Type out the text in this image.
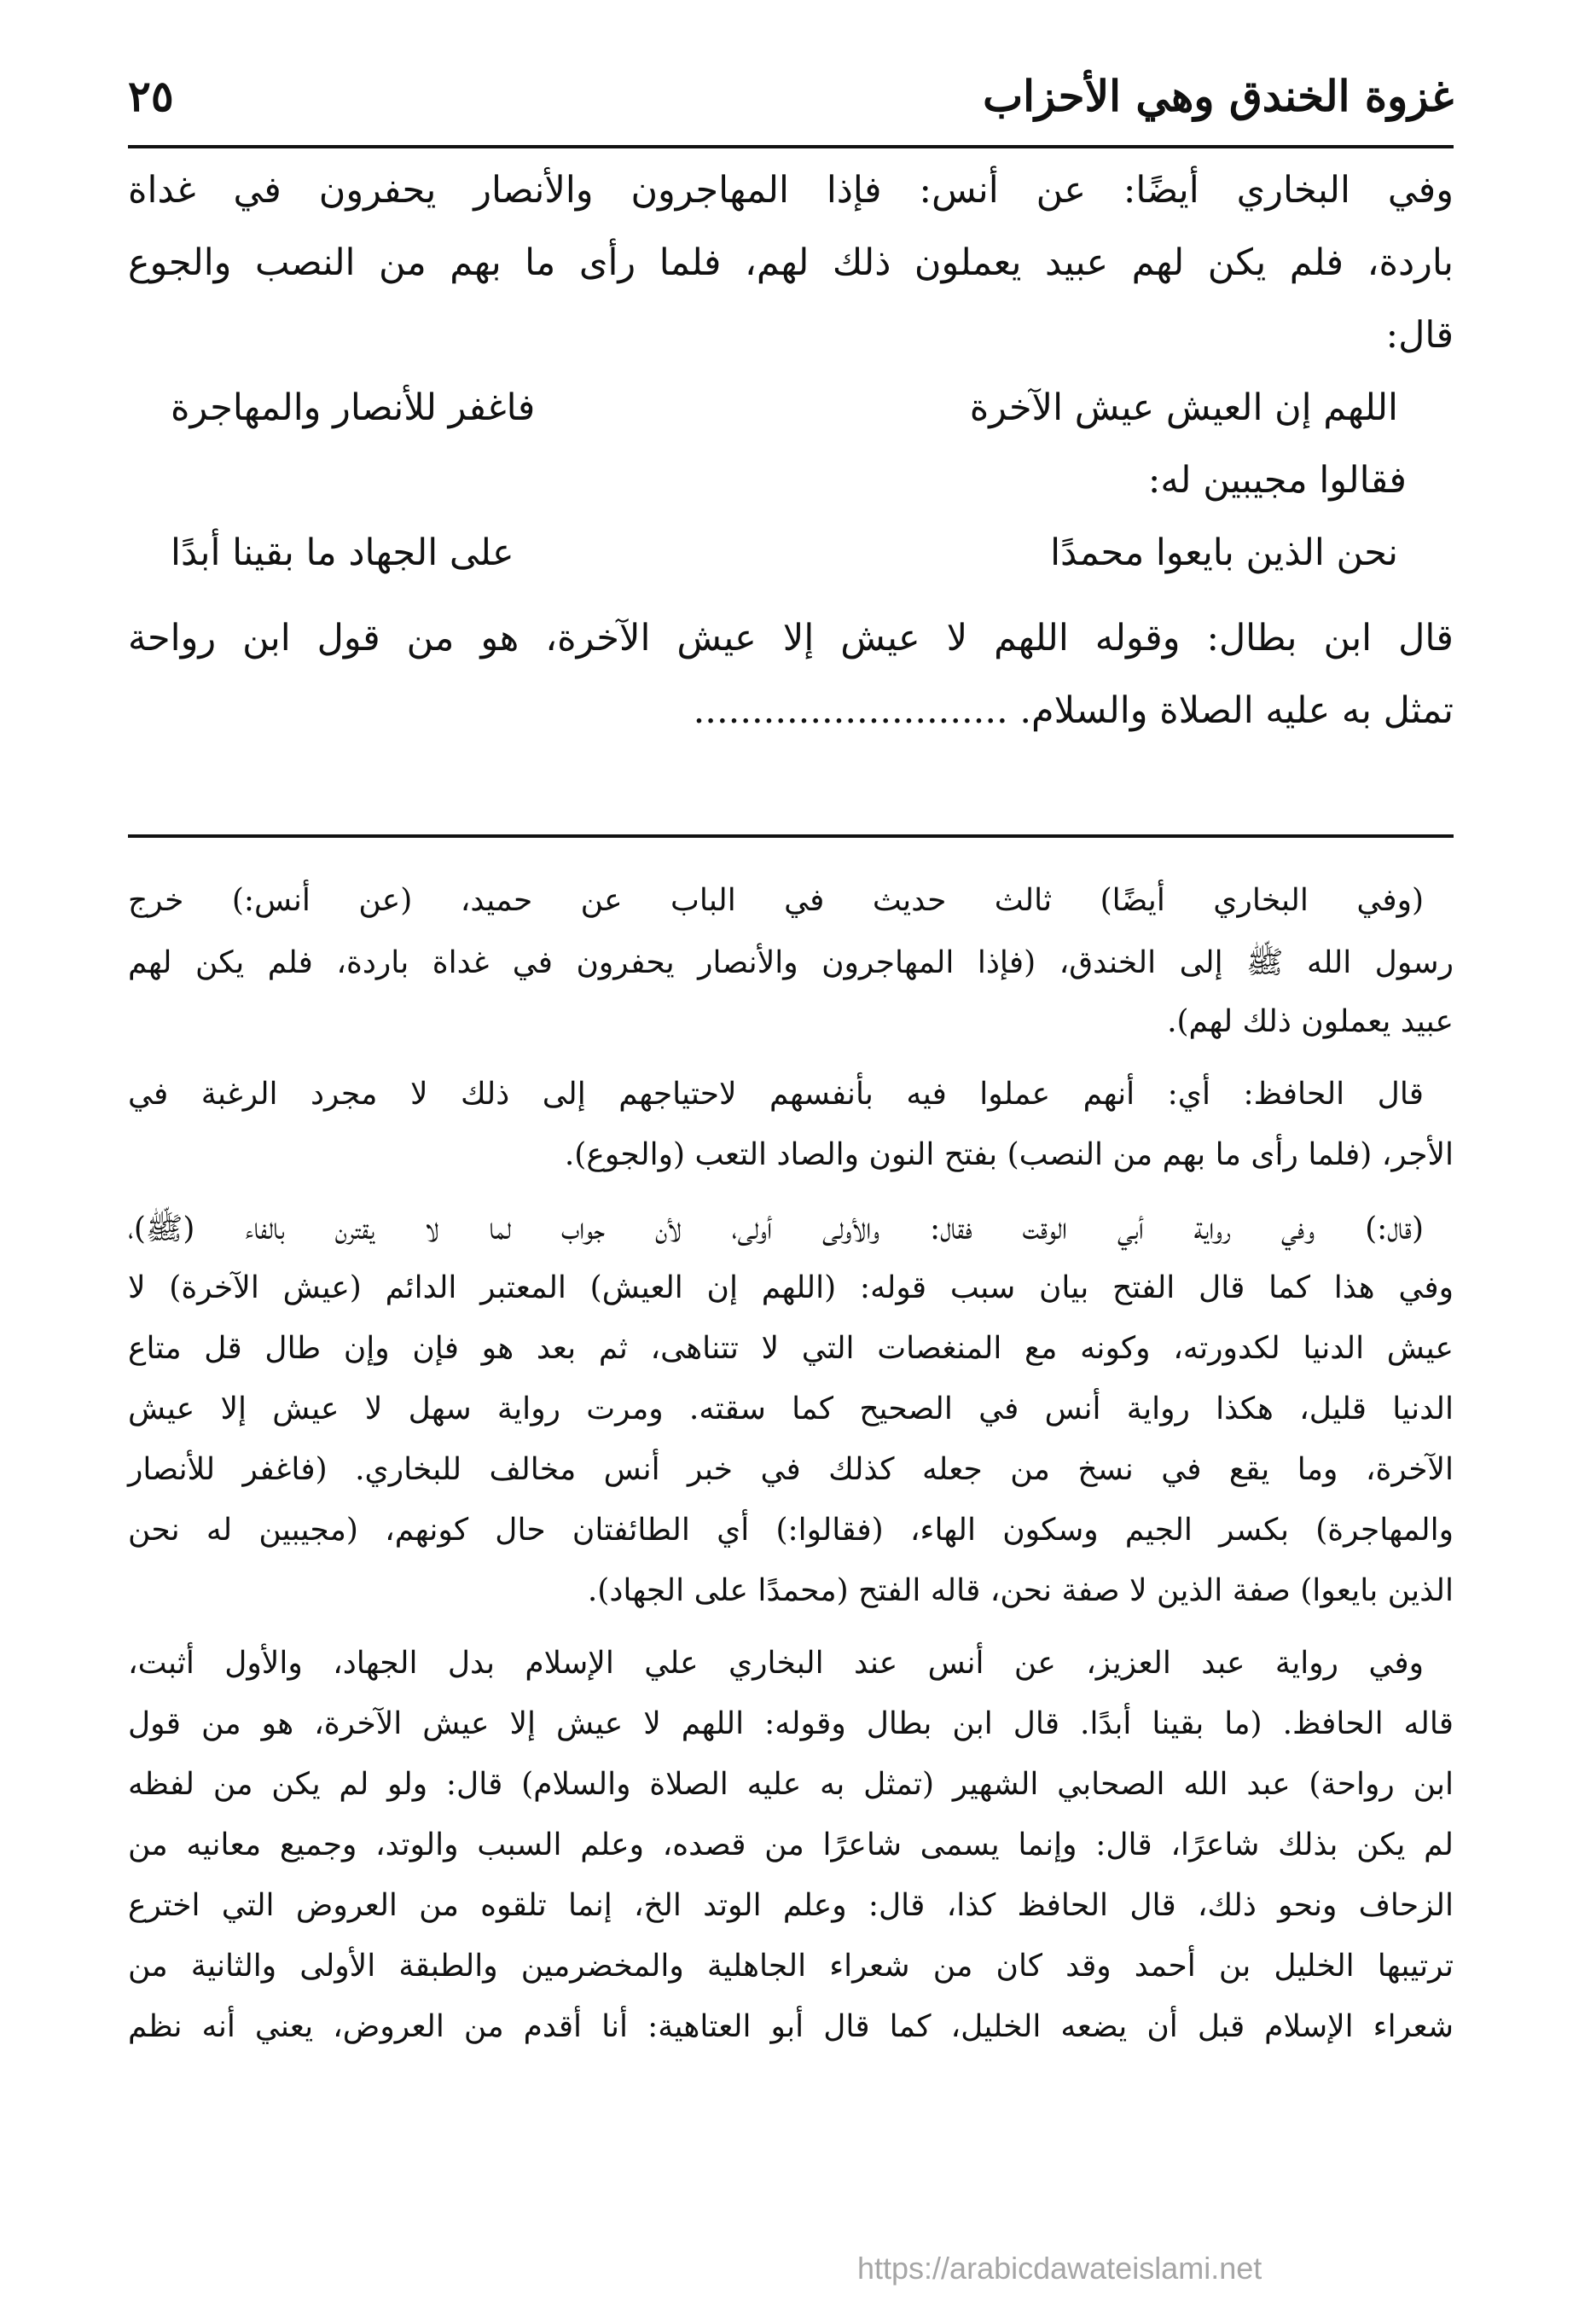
غزوة الخندق وهي الأحزاب
٢٥
وفي البخاري أيضًا: عن أنس: فإذا المهاجرون والأنصار يحفرون في غداة
باردة، فلم يكن لهم عبيد يعملون ذلك لهم، فلما رأى ما بهم من النصب والجوع
قال:
اللهم إن العيش عيش الآخرة
فاغفر للأنصار والمهاجرة
فقالوا مجيبين له:
نحن الذين بايعوا محمدًا
على الجهاد ما بقينا أبدًا
قال ابن بطال: وقوله اللهم لا عيش إلا عيش الآخرة، هو من قول ابن رواحة
تمثل به عليه الصلاة والسلام. ...........................
(وفي البخاري أيضًا) ثالث حديث في الباب عن حميد، (عن أنس:) خرج
رسول الله ﷺ إلى الخندق، (فإذا المهاجرون والأنصار يحفرون في غداة باردة، فلم يكن لهم
عبيد يعملون ذلك لهم).
قال الحافظ: أي: أنهم عملوا فيه بأنفسهم لاحتياجهم إلى ذلك لا مجرد الرغبة في
الأجر، (فلما رأى ما بهم من النصب) بفتح النون والصاد التعب (والجوع).
(قال:) وفي رواية أبي الوقت فقال: والأولى أولى، لأن جواب لما لا يقترن بالفاء (ﷺ)،
وفي هذا كما قال الفتح بيان سبب قوله: (اللهم إن العيش) المعتبر الدائم (عيش الآخرة) لا
عيش الدنيا لكدورته، وكونه مع المنغصات التي لا تتناهى، ثم بعد هو فإن وإن طال قل متاع
الدنيا قليل، هكذا رواية أنس في الصحيح كما سقته. ومرت رواية سهل لا عيش إلا عيش
الآخرة، وما يقع في نسخ من جعله كذلك في خبر أنس مخالف للبخاري. (فاغفر للأنصار
والمهاجرة) بكسر الجيم وسكون الهاء، (فقالوا:) أي الطائفتان حال كونهم، (مجيبين له نحن
الذين بايعوا) صفة الذين لا صفة نحن، قاله الفتح (محمدًا على الجهاد).
وفي رواية عبد العزيز، عن أنس عند البخاري علي الإسلام بدل الجهاد، والأول أثبت،
قاله الحافظ. (ما بقينا أبدًا. قال ابن بطال وقوله: اللهم لا عيش إلا عيش الآخرة، هو من قول
ابن رواحة) عبد الله الصحابي الشهير (تمثل به عليه الصلاة والسلام) قال: ولو لم يكن من لفظه
لم يكن بذلك شاعرًا، قال: وإنما يسمى شاعرًا من قصده، وعلم السبب والوتد، وجميع معانيه من
الزحاف ونحو ذلك، قال الحافظ كذا، قال: وعلم الوتد الخ، إنما تلقوه من العروض التي اخترع
ترتيبها الخليل بن أحمد وقد كان من شعراء الجاهلية والمخضرمين والطبقة الأولى والثانية من
شعراء الإسلام قبل أن يضعه الخليل، كما قال أبو العتاهية: أنا أقدم من العروض، يعني أنه نظم
https://arabicdawateislami.net
